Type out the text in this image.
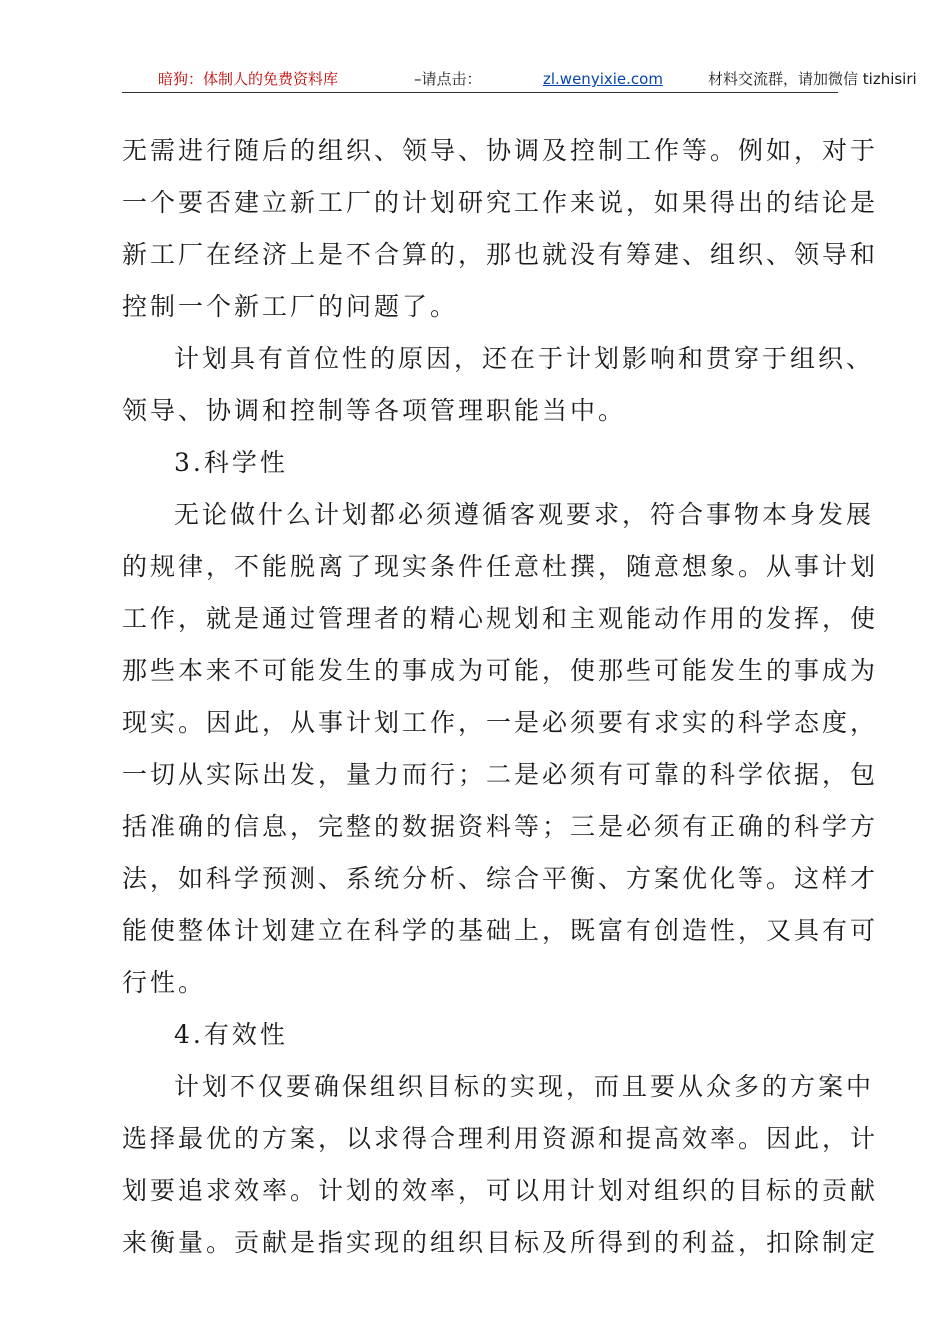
暗狗：体制人的免费资料库	–请点击：	zl.wenyixie.com	材料交流群，请加微信 tizhisiri
无需进行随后的组织、领导、协调及控制工作等。例如，对于
一个要否建立新工厂的计划研究工作来说，如果得出的结论是
新工厂在经济上是不合算的，那也就没有筹建、组织、领导和
控制一个新工厂的问题了。
计划具有首位性的原因，还在于计划影响和贯穿于组织、
领导、协调和控制等各项管理职能当中。
3.科学性
无论做什么计划都必须遵循客观要求，符合事物本身发展
的规律，不能脱离了现实条件任意杜撰，随意想象。从事计划
工作，就是通过管理者的精心规划和主观能动作用的发挥，使
那些本来不可能发生的事成为可能，使那些可能发生的事成为
现实。因此，从事计划工作，一是必须要有求实的科学态度，
一切从实际出发，量力而行；二是必须有可靠的科学依据，包
括准确的信息，完整的数据资料等；三是必须有正确的科学方
法，如科学预测、系统分析、综合平衡、方案优化等。这样才
能使整体计划建立在科学的基础上，既富有创造性，又具有可
行性。
4.有效性
计划不仅要确保组织目标的实现，而且要从众多的方案中
选择最优的方案，以求得合理利用资源和提高效率。因此，计
划要追求效率。计划的效率，可以用计划对组织的目标的贡献
来衡量。贡献是指实现的组织目标及所得到的利益，扣除制定
